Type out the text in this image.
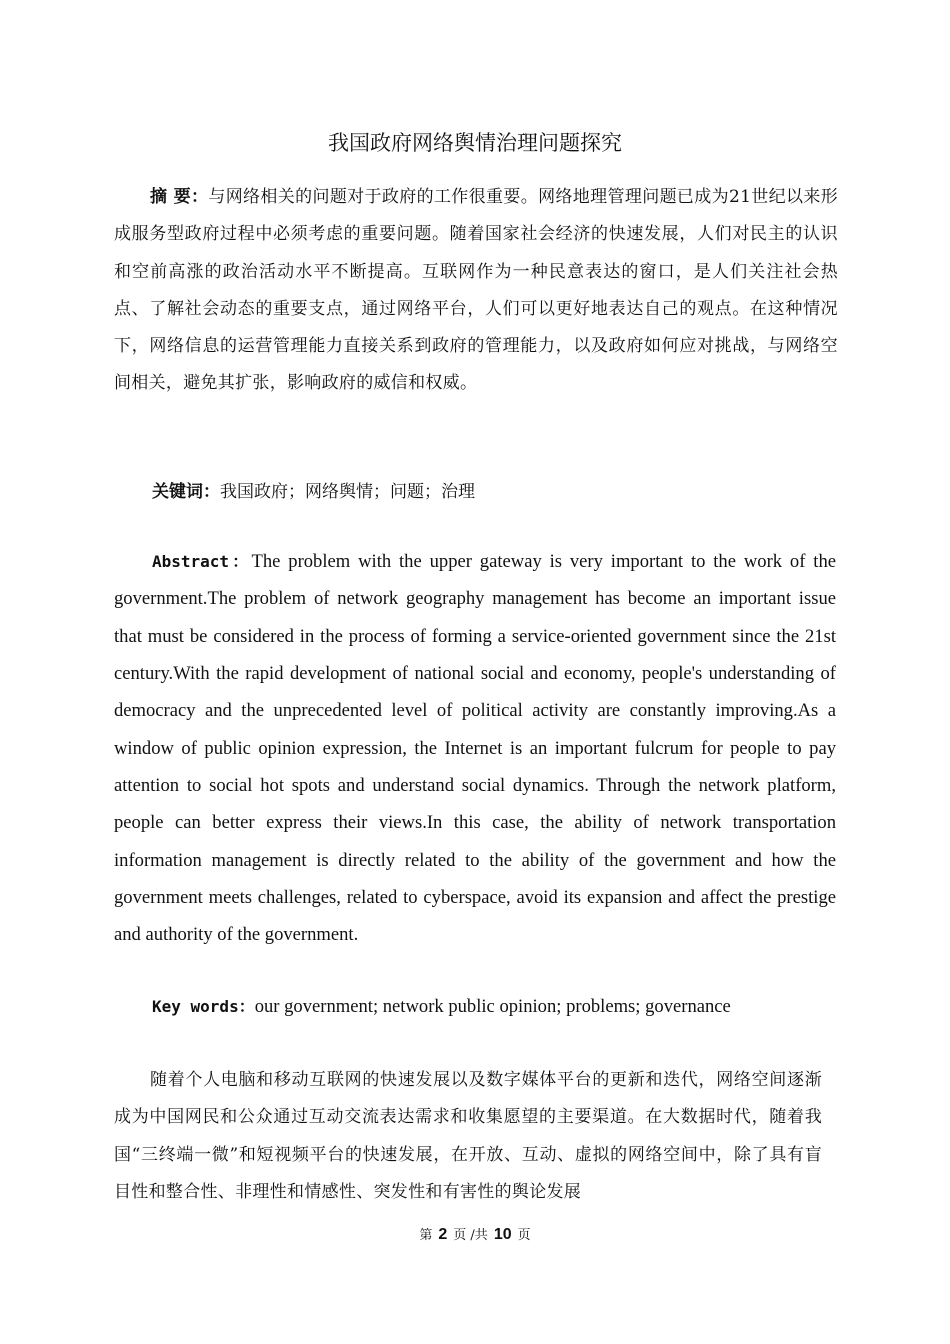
我国政府网络舆情治理问题探究

摘 要：与网络相关的问题对于政府的工作很重要。网络地理管理问题已成为21世纪以来形成服务型政府过程中必须考虑的重要问题。随着国家社会经济的快速发展，人们对民主的认识和空前高涨的政治活动水平不断提高。互联网作为一种民意表达的窗口，是人们关注社会热点、了解社会动态的重要支点，通过网络平台，人们可以更好地表达自己的观点。在这种情况下，网络信息的运营管理能力直接关系到政府的管理能力，以及政府如何应对挑战，与网络空间相关，避免其扩张，影响政府的威信和权威。

关键词：我国政府；网络舆情；问题；治理

Abstract：The problem with the upper gateway is very important to the work of the government.The problem of network geography management has become an important issue that must be considered in the process of forming a service-oriented government since the 21st century.With the rapid development of national social and economy, people's understanding of democracy and the unprecedented level of political activity are constantly improving.As a window of public opinion expression, the Internet is an important fulcrum for people to pay attention to social hot spots and understand social dynamics. Through the network platform, people can better express their views.In this case, the ability of network transportation information management is directly related to the ability of the government and how the government meets challenges, related to cyberspace, avoid its expansion and affect the prestige and authority of the government.

Key words：our government; network public opinion; problems; governance

随着个人电脑和移动互联网的快速发展以及数字媒体平台的更新和迭代，网络空间逐渐成为中国网民和公众通过互动交流表达需求和收集愿望的主要渠道。在大数据时代，随着我国“三终端一微”和短视频平台的快速发展，在开放、互动、虚拟的网络空间中，除了具有盲目性和整合性、非理性和情感性、突发性和有害性的舆论发展

第 2 页 /共 10 页
